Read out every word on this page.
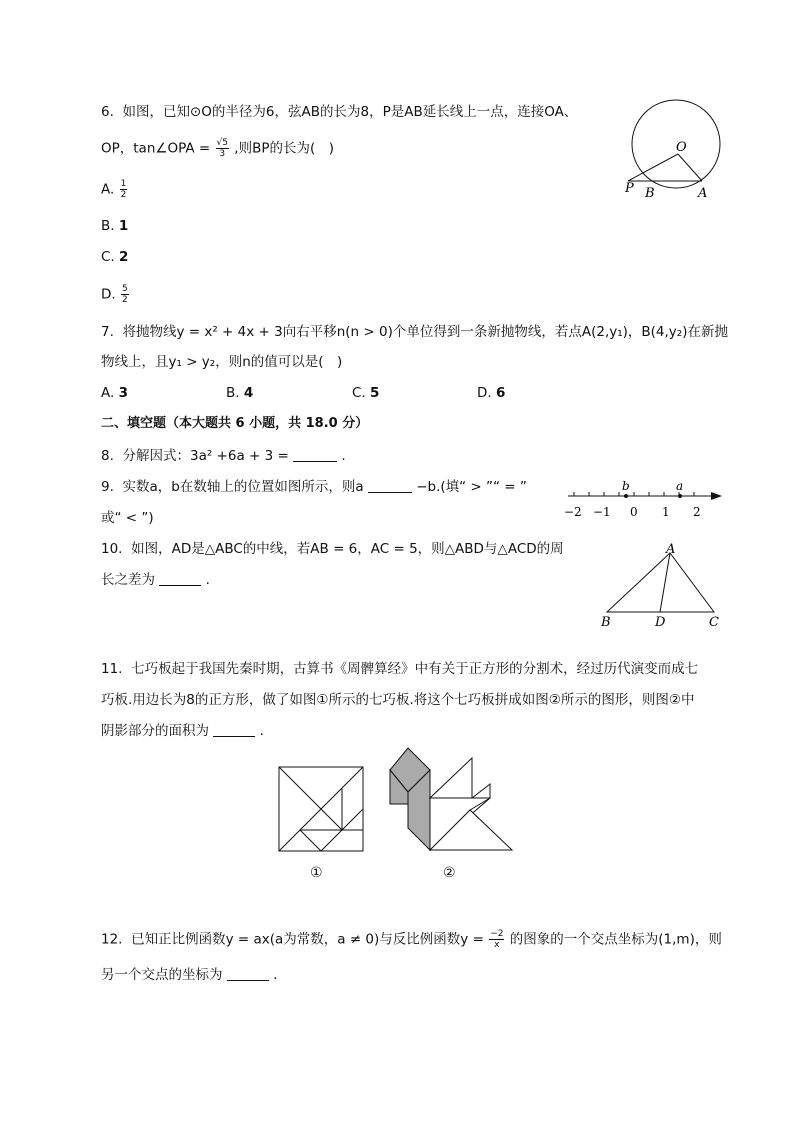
6. 如图，已知⊙O的半径为6，弦AB的长为8，P是AB延长线上一点，连接OA、
OP，tan∠OPA = $\frac{√5}{3}$ ,则BP的长为(　)
A. $\frac{1}{2}$
B. 1
C. 2
D. $\frac{5}{2}$
O
P B	A
7. 将抛物线y = x² + 4x + 3向右平移n(n > 0)个单位得到一条新抛物线，若点A(2,y₁)，B(4,y₂)在新抛
物线上，且y₁ > y₂，则n的值可以是(　)
A. 3	B. 4	C. 5	D. 6
二、填空题（本大题共 6 小题，共 18.0 分）
8. 分解因式：3a² +6a + 3 =	.
9. 实数a，b在数轴上的位置如图所示，则a	−b.(填“ > ”“ = ”
或“ < ”)
b	a
−2 −1 0 1 2
10. 如图，AD是△ABC的中线，若AB = 6，AC = 5，则△ABD与△ACD的周
长之差为	.
A
B	D	C
11. 七巧板起于我国先秦时期，古算书《周髀算经》中有关于正方形的分割术，经过历代演变而成七
巧板.用边长为8的正方形，做了如图①所示的七巧板.将这个七巧板拼成如图②所示的图形，则图②中
阴影部分的面积为	.
①	②
12. 已知正比例函数y = ax(a为常数，a ≠ 0)与反比例函数$y = \frac{-2}{x}$ 的图象的一个交点坐标为(1,m)，则
另一个交点的坐标为	.
